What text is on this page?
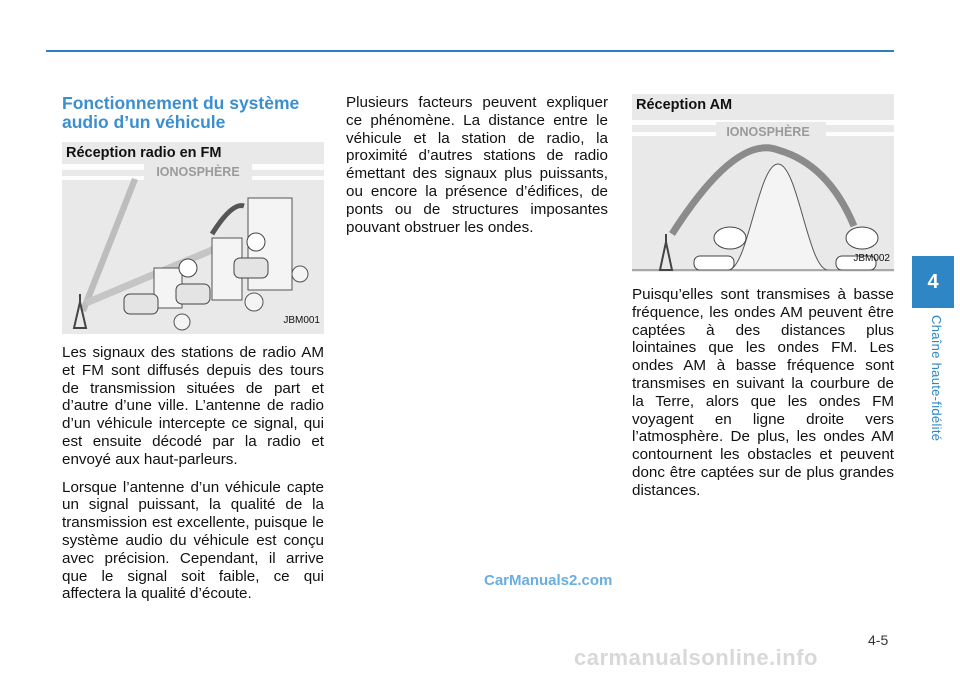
4
Chaîne haute-fidélité
Fonctionnement du système audio d’un véhicule
Réception radio en FM
IONOSPHÈRE
JBM001

Les signaux des stations de radio AM et FM sont diffusés depuis des tours de transmission situées de part et d’autre d’une ville. L’antenne de radio d’un véhicule intercepte ce signal, qui est ensuite décodé par la radio et envoyé aux haut-parleurs.

Lorsque l’antenne d’un véhicule capte un signal puissant, la qualité de la transmission est excellente, puisque le système audio du véhicule est conçu avec précision. Cependant, il arrive que le signal soit faible, ce qui affectera la qualité d’écoute.

Plusieurs facteurs peuvent expliquer ce phénomène. La distance entre le véhicule et la station de radio, la proximité d’autres stations de radio émettant des signaux plus puissants, ou encore la présence d’édifices, de ponts ou de structures imposantes pouvant obstruer les ondes.

Réception AM
IONOSPHÈRE
JBM002

Puisqu’elles sont transmises à basse fréquence, les ondes AM peuvent être captées à des distances plus lointaines que les ondes FM. Les ondes AM à basse fréquence sont transmises en suivant la courbure de la Terre, alors que les ondes FM voyagent en ligne droite vers l’atmosphère. De plus, les ondes AM contournent les obstacles et peuvent donc être captées sur de plus grandes distances.

CarManuals2.com
4-5
carmanualsonline.info
